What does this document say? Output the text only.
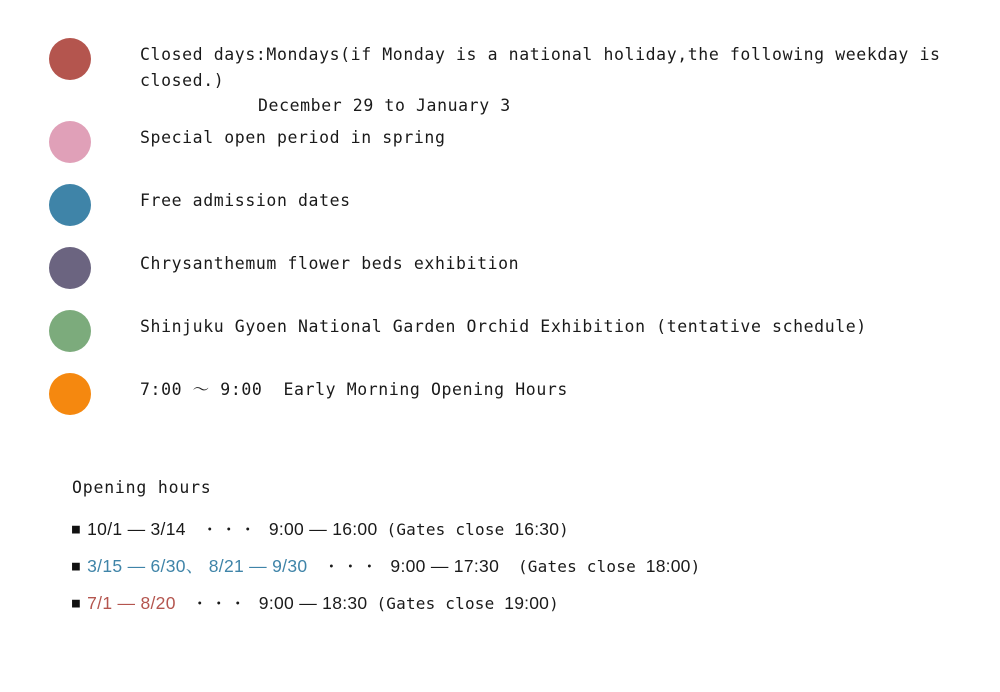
Closed days:Mondays(if Monday is a national holiday,the following weekday is closed.)
December 29 to January 3
Special open period in spring
Free admission dates
Chrysanthemum flower beds exhibition
Shinjuku Gyoen National Garden Orchid Exhibition (tentative schedule)
7:00 〜 9:00  Early Morning Opening Hours
Opening hours
■ 10/1 — 3/14 ・・・ 9:00 — 16:00 (Gates close 16:30)
■ 3/15 — 6/30、 8/21 — 9/30 ・・・ 9:00 — 17:30 (Gates close 18:00)
■ 7/1 — 8/20 ・・・ 9:00 — 18:30 (Gates close 19:00)
